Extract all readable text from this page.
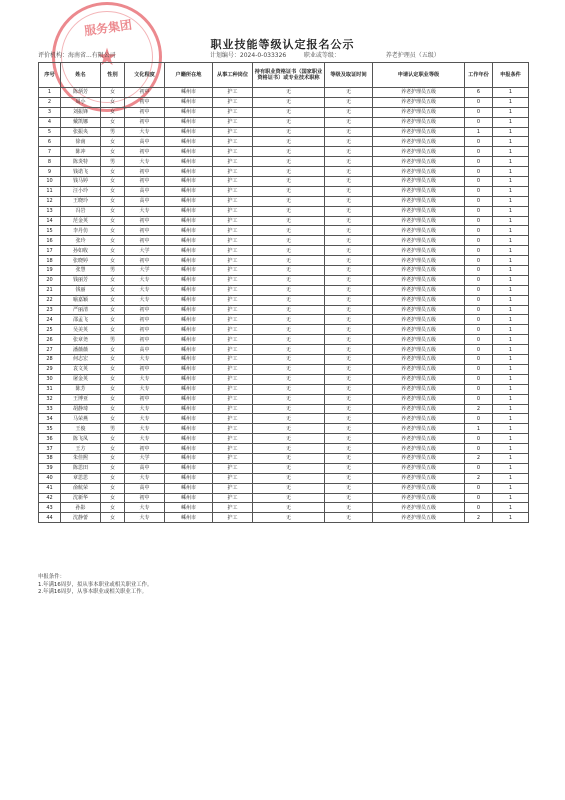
服务集团
★	职业技能等级认定报名公示
评价机构：海南省...有限公司	计划编号：2024-0-033326	职业或等级：	养老护理员（五级）
序号	姓名	性别	文化程度	户籍所在地	从事工种岗位	持有职业资格证书（国家职业资格证书）或专业技术职称	等级及取证时间	申请认定职业等级	工作年份	申报条件
1	陈炳芳	女	初中	嵊州市	护工	无	无	养老护理员五级	6	1
2	周小	女	初中	嵊州市	护工	无	无	养老护理员五级	0	1
3	刘振锋	女	初中	嵊州市	护工	无	无	养老护理员五级	0	1
4	戴凯娜	女	初中	嵊州市	护工	无	无	养老护理员五级	0	1
5	张振央	男	大专	嵊州市	护工	无	无	养老护理员五级	1	1
6	徐南	女	高中	嵊州市	护工	无	无	养老护理员五级	0	1
7	陈冲	女	初中	嵊州市	护工	无	无	养老护理员五级	0	1
8	陈炎特	男	大专	嵊州市	护工	无	无	养老护理员五级	0	1
9	钱诺飞	女	初中	嵊州市	护工	无	无	养老护理员五级	0	1
10	钱马婷	女	初中	嵊州市	护工	无	无	养老护理员五级	0	1
11	汪小玲	女	高中	嵊州市	护工	无	无	养老护理员五级	0	1
12	王晓玲	女	高中	嵊州市	护工	无	无	养老护理员五级	0	1
13	冯岩	女	大专	嵊州市	护工	无	无	养老护理员五级	0	1
14	范金英	女	初中	嵊州市	护工	无	无	养老护理员五级	0	1
15	李丹仿	女	初中	嵊州市	护工	无	无	养老护理员五级	0	1
16	张玲	女	初中	嵊州市	护工	无	无	养老护理员五级	0	1
17	孙如收	女	大学	嵊州市	护工	无	无	养老护理员五级	0	1
18	张晓婷	女	初中	嵊州市	护工	无	无	养老护理员五级	0	1
19	张慧	男	大学	嵊州市	护工	无	无	养老护理员五级	0	1
20	钱丽芳	女	大专	嵊州市	护工	无	无	养老护理员五级	0	1
21	钱丽	女	大专	嵊州市	护工	无	无	养老护理员五级	0	1
22	喻嘉颖	女	大专	嵊州市	护工	无	无	养老护理员五级	0	1
23	严丽清	女	初中	嵊州市	护工	无	无	养老护理员五级	0	1
24	邵孟飞	女	初中	嵊州市	护工	无	无	养老护理员五级	0	1
25	吴美英	女	初中	嵊州市	护工	无	无	养老护理员五级	0	1
26	张章尧	男	初中	嵊州市	护工	无	无	养老护理员五级	0	1
27	潘薇薇	女	高中	嵊州市	护工	无	无	养老护理员五级	0	1
28	何志宏	女	大专	嵊州市	护工	无	无	养老护理员五级	0	1
29	袁文英	女	初中	嵊州市	护工	无	无	养老护理员五级	0	1
30	屠金英	女	大专	嵊州市	护工	无	无	养老护理员五级	0	1
31	陈芳	女	大专	嵊州市	护工	无	无	养老护理员五级	0	1
32	王博亚	女	初中	嵊州市	护工	无	无	养老护理员五级	0	1
33	胡静琦	女	大专	嵊州市	护工	无	无	养老护理员五级	2	1
34	马荣燕	女	大专	嵊州市	护工	无	无	养老护理员五级	0	1
35	王俊	男	大专	嵊州市	护工	无	无	养老护理员五级	1	1
36	陈飞凤	女	大专	嵊州市	护工	无	无	养老护理员五级	0	1
37	王方	女	初中	嵊州市	护工	无	无	养老护理员五级	0	1
38	朱佳熙	女	大学	嵊州市	护工	无	无	养老护理员五级	2	1
39	陈思田	女	高中	嵊州市	护工	无	无	养老护理员五级	0	1
40	章思思	女	大专	嵊州市	护工	无	无	养老护理员五级	2	1
41	俞航荣	女	高中	嵊州市	护工	无	无	养老护理员五级	0	1
42	沈新华	女	初中	嵊州市	护工	无	无	养老护理员五级	0	1
43	孙影	女	大专	嵊州市	护工	无	无	养老护理员五级	0	1
44	沈静蕾	女	大专	嵊州市	护工	无	无	养老护理员五级	2	1
申报条件：
1.年满16周岁，拟从事本职业或相关职业工作。
2.年满16周岁，从事本职业或相关职业工作。
